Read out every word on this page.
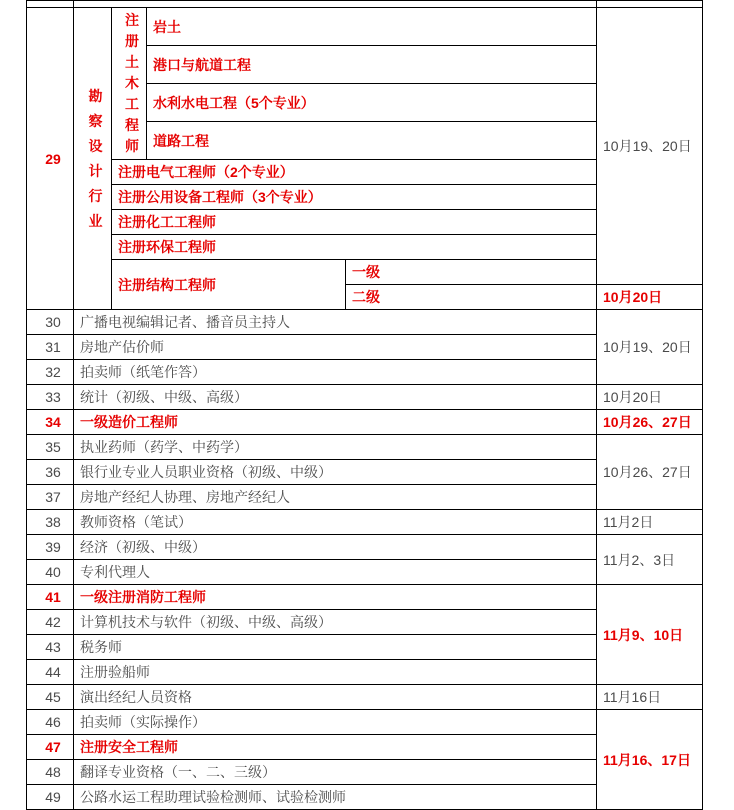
29	勘察设计行业	注册土木工程师	岩土		10月19、20日
			港口与航道工程		
			水利水电工程（5个专业）		
			道路工程		
		注册电气工程师（2个专业）			
		注册公用设备工程师（3个专业）			
		注册化工工程师			
		注册环保工程师			
		注册结构工程师		一级	
				二级	10月20日
30	广播电视编辑记者、播音员主持人				10月19、20日
31	房地产估价师				
32	拍卖师（纸笔作答）				
33	统计（初级、中级、高级）				10月20日
34	一级造价工程师				10月26、27日
35	执业药师（药学、中药学）				10月26、27日
36	银行业专业人员职业资格（初级、中级）				
37	房地产经纪人协理、房地产经纪人				
38	教师资格（笔试）				11月2日
39	经济（初级、中级）				11月2、3日
40	专利代理人				
41	一级注册消防工程师				11月9、10日
42	计算机技术与软件（初级、中级、高级）				
43	税务师				
44	注册验船师				
45	演出经纪人员资格				11月16日
46	拍卖师（实际操作）				11月16、17日
47	注册安全工程师				
48	翻译专业资格（一、二、三级）				
49	公路水运工程助理试验检测师、试验检测师				
